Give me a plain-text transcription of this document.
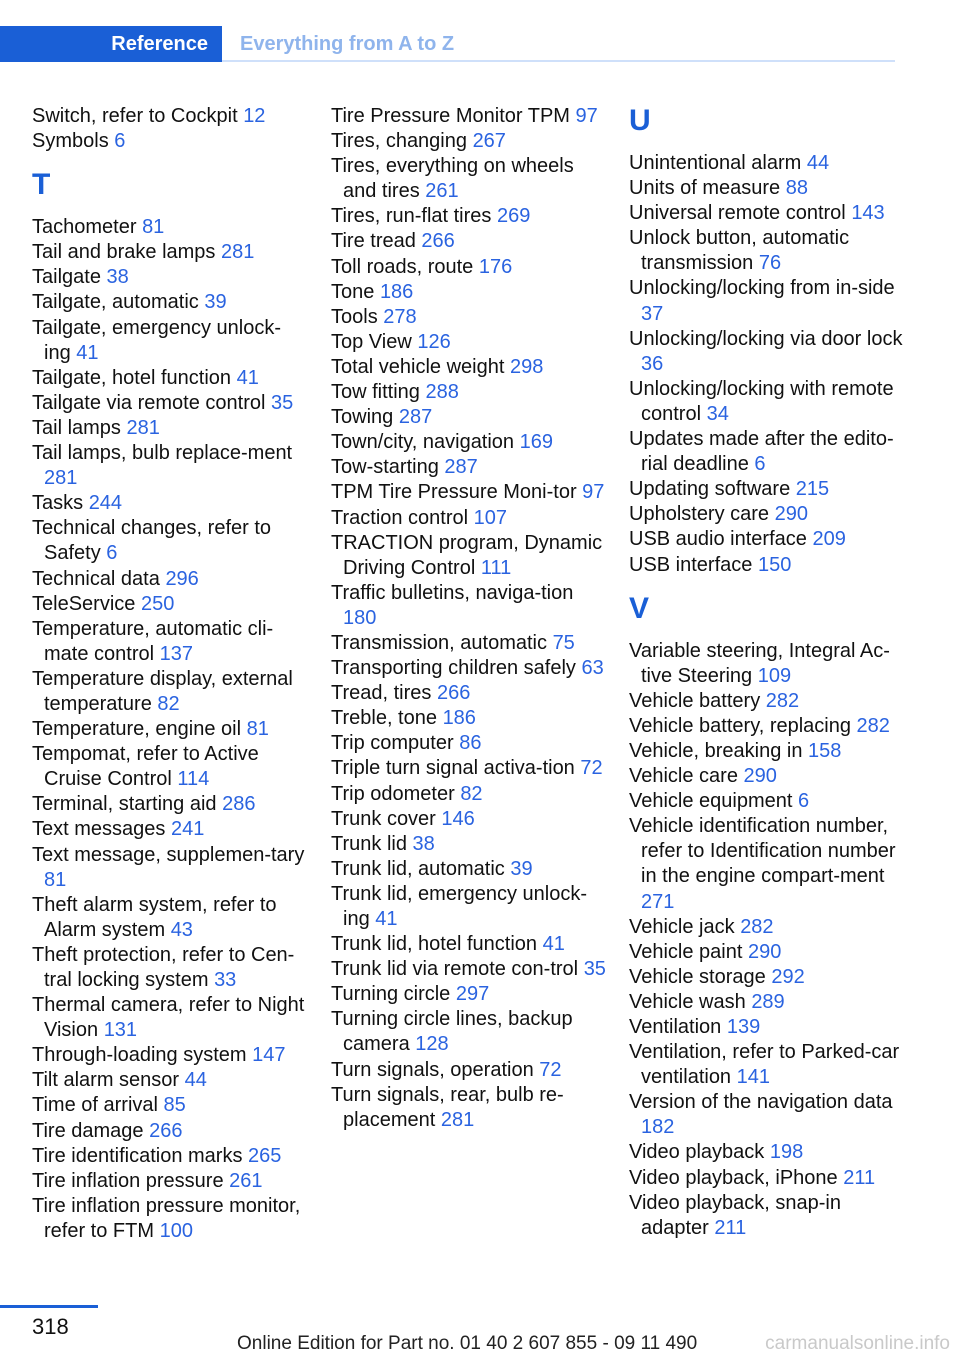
Reference	Everything from A to Z
Switch, refer to Cockpit 12
Symbols 6
T
Tachometer 81
Tail and brake lamps 281
Tailgate 38
Tailgate, automatic 39
Tailgate, emergency unlock-ing 41
Tailgate, hotel function 41
Tailgate via remote control 35
Tail lamps 281
Tail lamps, bulb replace-ment 281
Tasks 244
Technical changes, refer to Safety 6
Technical data 296
TeleService 250
Temperature, automatic cli-mate control 137
Temperature display, external temperature 82
Temperature, engine oil 81
Tempomat, refer to Active Cruise Control 114
Terminal, starting aid 286
Text messages 241
Text message, supplemen-tary 81
Theft alarm system, refer to Alarm system 43
Theft protection, refer to Cen-tral locking system 33
Thermal camera, refer to Night Vision 131
Through-loading system 147
Tilt alarm sensor 44
Time of arrival 85
Tire damage 266
Tire identification marks 265
Tire inflation pressure 261
Tire inflation pressure monitor, refer to FTM 100
Tire Pressure Monitor TPM 97
Tires, changing 267
Tires, everything on wheels and tires 261
Tires, run-flat tires 269
Tire tread 266
Toll roads, route 176
Tone 186
Tools 278
Top View 126
Total vehicle weight 298
Tow fitting 288
Towing 287
Town/city, navigation 169
Tow-starting 287
TPM Tire Pressure Moni-tor 97
Traction control 107
TRACTION program, Dynamic Driving Control 111
Traffic bulletins, naviga-tion 180
Transmission, automatic 75
Transporting children safely 63
Tread, tires 266
Treble, tone 186
Trip computer 86
Triple turn signal activa-tion 72
Trip odometer 82
Trunk cover 146
Trunk lid 38
Trunk lid, automatic 39
Trunk lid, emergency unlock-ing 41
Trunk lid, hotel function 41
Trunk lid via remote con-trol 35
Turning circle 297
Turning circle lines, backup camera 128
Turn signals, operation 72
Turn signals, rear, bulb re-placement 281
U
Unintentional alarm 44
Units of measure 88
Universal remote control 143
Unlock button, automatic transmission 76
Unlocking/locking from in-side 37
Unlocking/locking via door lock 36
Unlocking/locking with remote control 34
Updates made after the edito-rial deadline 6
Updating software 215
Upholstery care 290
USB audio interface 209
USB interface 150
V
Variable steering, Integral Ac-tive Steering 109
Vehicle battery 282
Vehicle battery, replacing 282
Vehicle, breaking in 158
Vehicle care 290
Vehicle equipment 6
Vehicle identification number, refer to Identification number in the engine compart-ment 271
Vehicle jack 282
Vehicle paint 290
Vehicle storage 292
Vehicle wash 289
Ventilation 139
Ventilation, refer to Parked-car ventilation 141
Version of the navigation data 182
Video playback 198
Video playback, iPhone 211
Video playback, snap-in adapter 211
318
Online Edition for Part no. 01 40 2 607 855 - 09 11 490	carmanualsonline.info
